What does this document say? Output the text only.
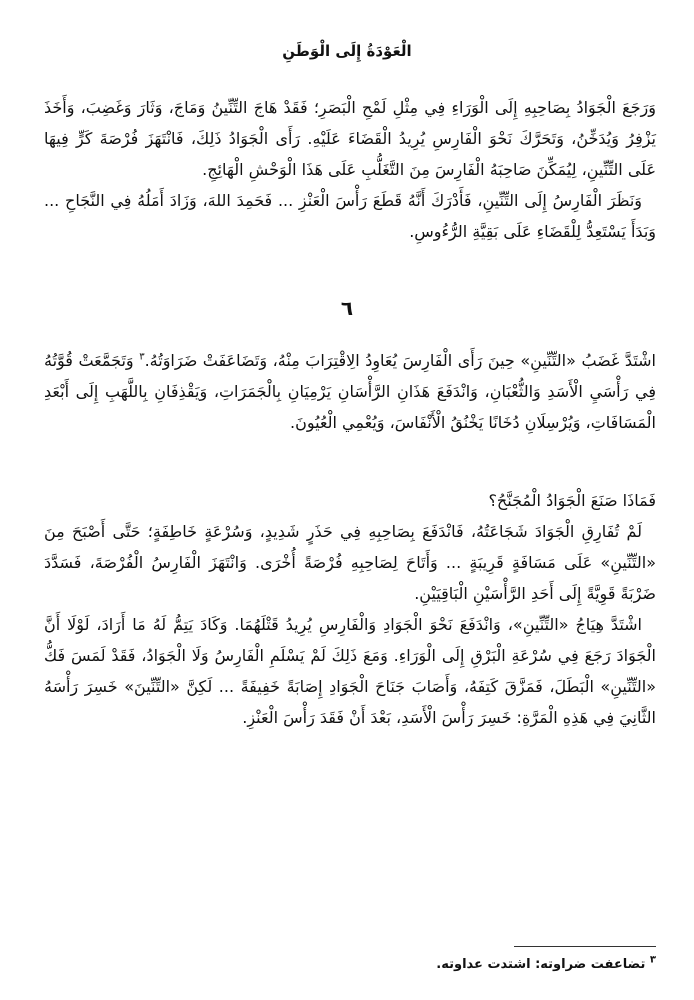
الْعَوْدَةُ إِلَى الْوَطَنِ

وَرَجَعَ الْجَوَادُ بِصَاحِبِهِ إِلَى الْوَرَاءِ فِي مِثْلِ لَمْحِ الْبَصَرِ؛ فَقَدْ هَاجَ التِّنِّينُ وَمَاجَ، وَثَارَ وَغَضِبَ، وَأَخَذَ يَزْفِرُ وَيُدَخِّنُ، وَتَحَرَّكَ نَحْوَ الْفَارِسِ يُرِيدُ الْقَضَاءَ عَلَيْهِ. رَأَى الْجَوَادُ ذَلِكَ، فَانْتَهَزَ فُرْصَةَ كَرٍّ فِيهَا عَلَى التِّنِّينِ، لِيُمَكِّنَ صَاحِبَهُ الْفَارِسَ مِنَ التَّغَلُّبِ عَلَى هَذَا الْوَحْشِ الْهَائِجِ.

وَنَظَرَ الْفَارِسُ إِلَى التِّنِّينِ، فَأَدْرَكَ أَنَّهُ قَطَعَ رَأْسَ الْعَنْزِ ... فَحَمِدَ اللهَ، وَزَادَ أَمَلُهُ فِي النَّجَاحِ ... وَبَدَأَ يَسْتَعِدُّ لِلْقَضَاءِ عَلَى بَقِيَّةِ الرُّءُوسِ.

٦

اشْتَدَّ غَضَبُ «التِّنِّينِ» حِينَ رَأَى الْفَارِسَ يُعَاوِدُ الِاقْتِرَابَ مِنْهُ، وَتَضَاعَفَتْ ضَرَاوَتُهُ.$^٣$ وَتَجَمَّعَتْ قُوَّتُهُ فِي رَأْسَيِ الْأَسَدِ وَالثُّعْبَانِ، وَانْدَفَعَ هَذَانِ الرَّأْسَانِ يَرْمِيَانِ بِالْجَمَرَاتِ، وَيَقْذِفَانِ بِاللَّهَبِ إِلَى أَبْعَدِ الْمَسَافَاتِ، وَيُرْسِلَانِ دُخَانًا يَخْنُقُ الْأَنْفَاسَ، وَيُعْمِي الْعُيُونَ.

فَمَاذَا صَنَعَ الْجَوَادُ الْمُجَنَّحُ؟

لَمْ تُفَارِقِ الْجَوَادَ شَجَاعَتُهُ، فَانْدَفَعَ بِصَاحِبِهِ فِي حَذَرٍ شَدِيدٍ، وَسُرْعَةٍ خَاطِفَةٍ؛ حَتَّى أَصْبَحَ مِنَ «التِّنِّينِ» عَلَى مَسَافَةٍ قَرِيبَةٍ ... وَأَتَاحَ لِصَاحِبِهِ فُرْصَةً أُخْرَى. وَانْتَهَزَ الْفَارِسُ الْفُرْصَةَ، فَسَدَّدَ ضَرْبَةً قَوِيَّةً إِلَى أَحَدِ الرَّأْسَيْنِ الْبَاقِيَيْنِ.

اشْتَدَّ هِيَاجُ «التِّنِّينِ»، وَانْدَفَعَ نَحْوَ الْجَوَادِ وَالْفَارِسِ يُرِيدُ قَتْلَهُمَا. وَكَادَ يَتِمُّ لَهُ مَا أَرَادَ، لَوْلَا أَنَّ الْجَوَادَ رَجَعَ فِي سُرْعَةِ الْبَرْقِ إِلَى الْوَرَاءِ. وَمَعَ ذَلِكَ لَمْ يَسْلَمِ الْفَارِسُ وَلَا الْجَوَادُ، فَقَدْ لَمَسَ فَكُّ «التِّنِّينِ» الْبَطَلَ، فَمَزَّقَ كَتِفَهُ، وَأَصَابَ جَنَاحَ الْجَوَادِ إِصَابَةً خَفِيفَةً ... لَكِنَّ «التِّنِّينَ» خَسِرَ رَأْسَهُ الثَّانِيَ فِي هَذِهِ الْمَرَّةِ: خَسِرَ رَأْسَ الْأَسَدِ، بَعْدَ أَنْ فَقَدَ رَأْسَ الْعَنْزِ.

$^٣$ تضاعفت ضراوته: اشتدت عداوته.
